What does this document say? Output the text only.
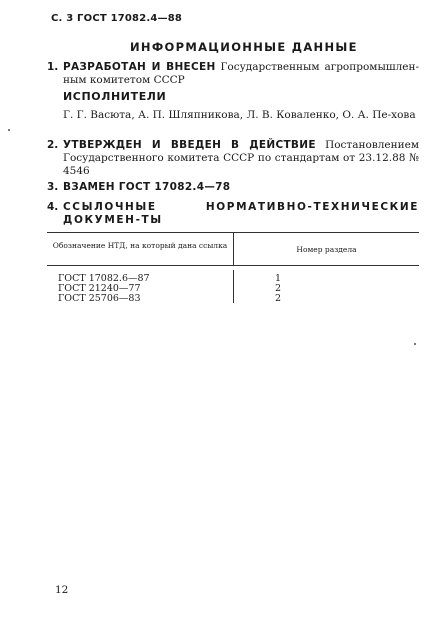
С. 3 ГОСТ 17082.4—88
ИНФОРМАЦИОННЫЕ ДАННЫЕ
1. РАЗРАБОТАН И ВНЕСЕН Государственным агропромышлен-ным комитетом СССР
ИСПОЛНИТЕЛИ
Г. Г. Васюта, А. П. Шляпникова, Л. В. Коваленко, О. А. Пе-хова
2. УТВЕРЖДЕН И ВВЕДЕН В ДЕЙСТВИЕ Постановлением Государственного комитета СССР по стандартам от 23.12.88 № 4546
3. ВЗАМЕН ГОСТ 17082.4—78
4. ССЫЛОЧНЫЕ НОРМАТИВНО-ТЕХНИЧЕСКИЕ ДОКУМЕН-ТЫ
Обозначение НТД, на который дана ссылка	Номер раздела
ГОСТ 17082.6—87	1
ГОСТ 21240—77	2
ГОСТ 25706—83	2
12
